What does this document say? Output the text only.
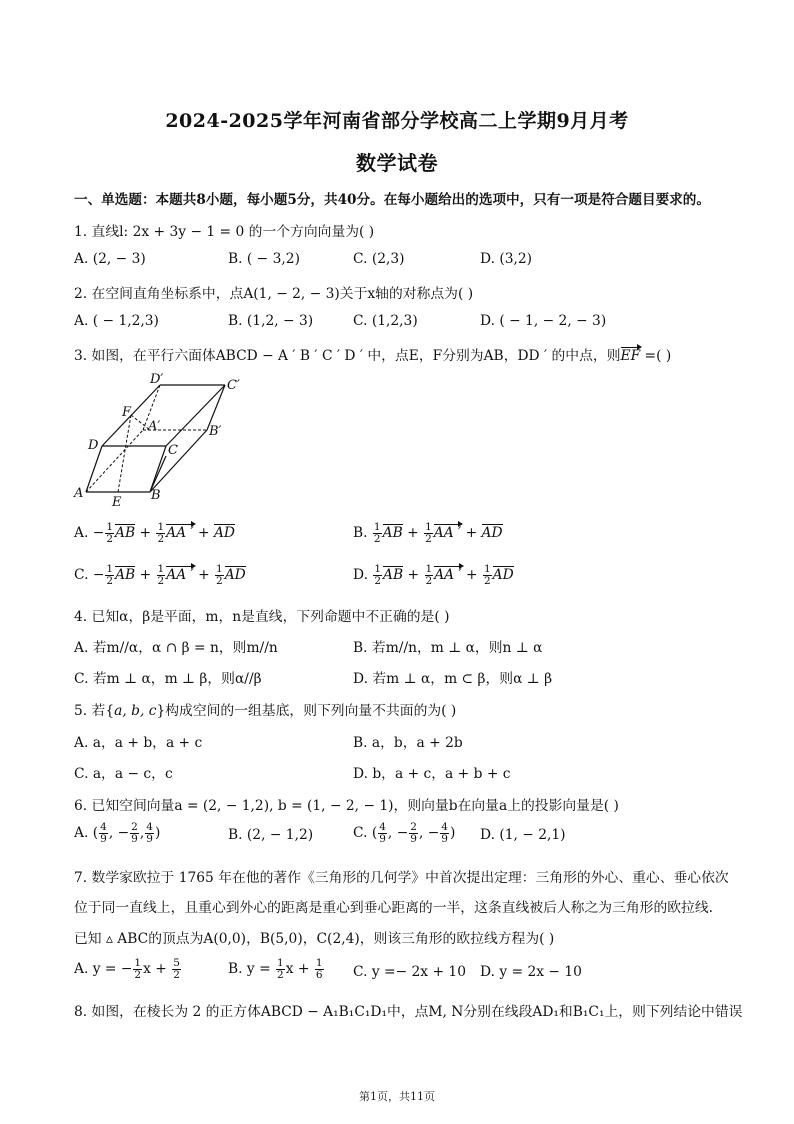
2024-2025学年河南省部分学校高二上学期9月月考
数学试卷
一、单选题：本题共8小题，每小题5分，共40分。在每小题给出的选项中，只有一项是符合题目要求的。
1. 直线l: 2x + 3y − 1 = 0 的一个方向向量为( )
A. (2, − 3)	B. ( − 3,2)	C. (2,3)	D. (3,2)
2. 在空间直角坐标系中，点A(1, − 2, − 3)关于x轴的对称点为( )
A. ( − 1,2,3)	B. (1,2, − 3)	C. (1,2,3)	D. ( − 1, − 2, − 3)
3. 如图，在平行六面体ABCD − A ′ B ′ C ′ D ′ 中，点E，F分别为AB，DD ′ 的中点，则EF =( )
A	B
C
D
A′	B′
C′
D′
E
F
A. − $\frac{1}{2}$ AB + $\frac{1}{2}$ AA ′ + AD	B. $\frac{1}{2}$ AB + $\frac{1}{2}$ AA ′ + AD
C. − $\frac{1}{2}$ AB + $\frac{1}{2}$ AA ′ + $\frac{1}{2}$ AD	D. $\frac{1}{2}$ AB + $\frac{1}{2}$ AA ′ + $\frac{1}{2}$ AD
4. 已知α，β是平面，m，n是直线，下列命题中不正确的是( )
A. 若m//α，α ∩ β = n，则m//n	B. 若m//n，m ⊥ α，则n ⊥ α
C. 若m ⊥ α，m ⊥ β，则α//β	D. 若m ⊥ α，m ⊂ β，则α ⊥ β
5. 若{a, b, c}构成空间的一组基底，则下列向量不共面的为( )
A. a，a + b，a + c	B. a，b，a + 2b
C. a，a − c，c	D. b，a + c，a + b + c
6. 已知空间向量a = (2, − 1,2), b = (1, − 2, − 1)，则向量b在向量a上的投影向量是( )
A. ( $\frac{4}{9}$ , − $\frac{2}{9}$ , $\frac{4}{9}$ )	B. (2, − 1,2)	C. ( $\frac{4}{9}$ , − $\frac{2}{9}$ , − $\frac{4}{9}$ ) D. (1, − 2,1)
7. 数学家欧拉于 1765 年在他的著作《三角形的几何学》中首次提出定理：三角形的外心、重心、垂心依次
位于同一直线上，且重心到外心的距离是重心到垂心距离的一半，这条直线被后人称之为三角形的欧拉线.
已知 ▵ ABC的顶点为A(0,0)，B(5,0)，C(2,4)，则该三角形的欧拉线方程为( )
A. y = − $\frac{1}{2}$ $x + \frac{5}{2}$	B. $y = \frac{1}{2}$ $x + \frac{1}{6} C$. y =− 2x + 10 D. y = 2x − 10
8. 如图，在棱长为 2 的正方体ABCD − A₁B₁C₁D₁中，点M, N分别在线段AD₁和B₁C₁上，则下列结论中错误
第1页，共11页
